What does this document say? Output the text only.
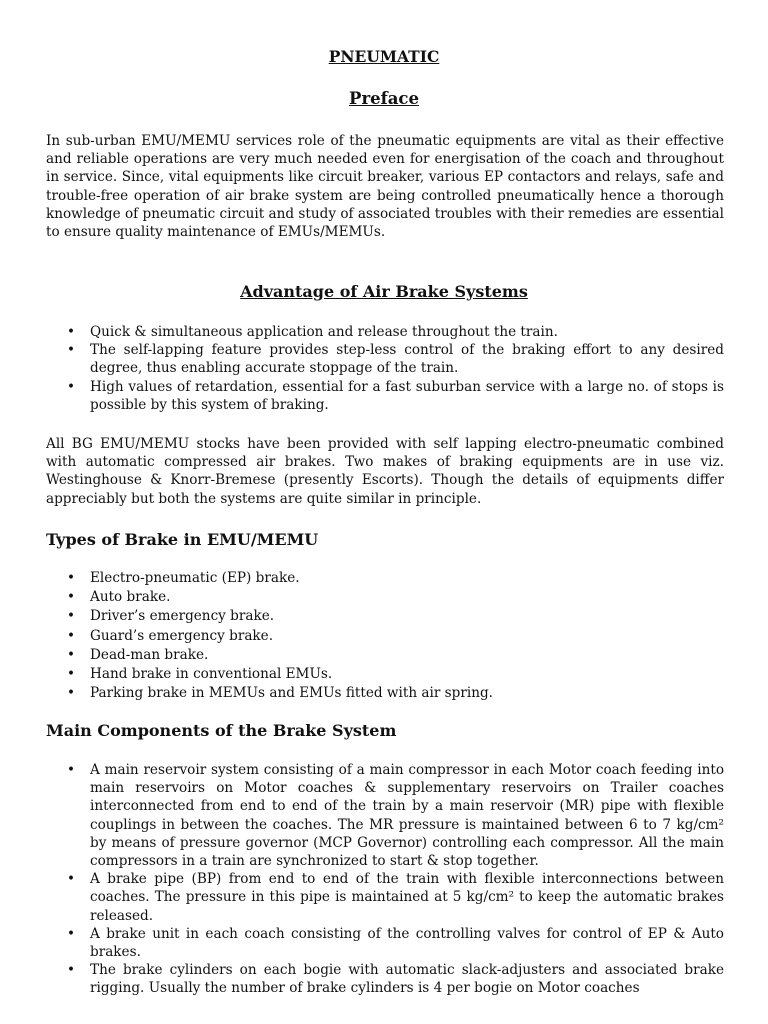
PNEUMATIC
Preface

In sub-urban EMU/MEMU services role of the pneumatic equipments are vital as their effective and reliable operations are very much needed even for energisation of the coach and throughout in service. Since, vital equipments like circuit breaker, various EP contactors and relays, safe and trouble-free operation of air brake system are being controlled pneumatically hence a thorough knowledge of pneumatic circuit and study of associated troubles with their remedies are essential to ensure quality maintenance of EMUs/MEMUs.

Advantage of Air Brake Systems
• Quick & simultaneous application and release throughout the train.
• The self-lapping feature provides step-less control of the braking effort to any desired degree, thus enabling accurate stoppage of the train.
• High values of retardation, essential for a fast suburban service with a large no. of stops is possible by this system of braking.

All BG EMU/MEMU stocks have been provided with self lapping electro-pneumatic combined with automatic compressed air brakes. Two makes of braking equipments are in use viz. Westinghouse & Knorr-Bremese (presently Escorts). Though the details of equipments differ appreciably but both the systems are quite similar in principle.

Types of Brake in EMU/MEMU
• Electro-pneumatic (EP) brake.
• Auto brake.
• Driver’s emergency brake.
• Guard’s emergency brake.
• Dead-man brake.
• Hand brake in conventional EMUs.
• Parking brake in MEMUs and EMUs fitted with air spring.
Main Components of the Brake System
• A main reservoir system consisting of a main compressor in each Motor coach feeding into main reservoirs on Motor coaches & supplementary reservoirs on Trailer coaches interconnected from end to end of the train by a main reservoir (MR) pipe with flexible couplings in between the coaches. The MR pressure is maintained between 6 to 7 kg/cm² by means of pressure governor (MCP Governor) controlling each compressor. All the main compressors in a train are synchronized to start & stop together.
• A brake pipe (BP) from end to end of the train with flexible interconnections between coaches. The pressure in this pipe is maintained at 5 kg/cm² to keep the automatic brakes released.
• A brake unit in each coach consisting of the controlling valves for control of EP & Auto brakes.
• The brake cylinders on each bogie with automatic slack-adjusters and associated brake rigging. Usually the number of brake cylinders is 4 per bogie on Motor coaches
